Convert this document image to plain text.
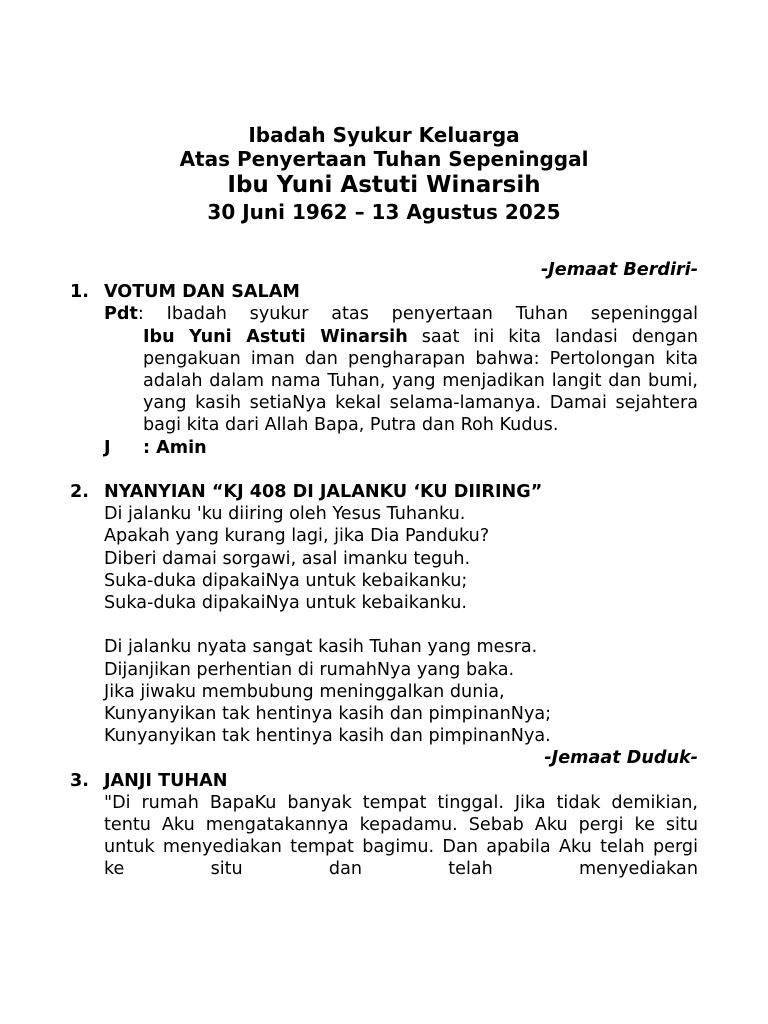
Ibadah Syukur Keluarga
Atas Penyertaan Tuhan Sepeninggal
Ibu Yuni Astuti Winarsih
30 Juni 1962 – 13 Agustus 2025
-Jemaat Berdiri-
1. VOTUM DAN SALAM
Pdt: Ibadah syukur atas penyertaan Tuhan sepeninggal
Ibu Yuni Astuti Winarsih saat ini kita landasi dengan pengakuan iman dan pengharapan bahwa: Pertolongan kita adalah dalam nama Tuhan, yang menjadikan langit dan bumi, yang kasih setiaNya kekal selama-lamanya. Damai sejahtera bagi kita dari Allah Bapa, Putra dan Roh Kudus.
J : Amin
2. NYANYIAN “KJ 408 DI JALANKU ‘KU DIIRING”
Di jalanku 'ku diiring oleh Yesus Tuhanku.
Apakah yang kurang lagi, jika Dia Panduku?
Diberi damai sorgawi, asal imanku teguh.
Suka-duka dipakaiNya untuk kebaikanku;
Suka-duka dipakaiNya untuk kebaikanku.
Di jalanku nyata sangat kasih Tuhan yang mesra.
Dijanjikan perhentian di rumahNya yang baka.
Jika jiwaku membubung meninggalkan dunia,
Kunyanyikan tak hentinya kasih dan pimpinanNya;
Kunyanyikan tak hentinya kasih dan pimpinanNya.
-Jemaat Duduk-
3. JANJI TUHAN
"Di rumah BapaKu banyak tempat tinggal. Jika tidak demikian, tentu Aku mengatakannya kepadamu. Sebab Aku pergi ke situ untuk menyediakan tempat bagimu. Dan apabila Aku telah pergi ke situ dan telah menyediakan
